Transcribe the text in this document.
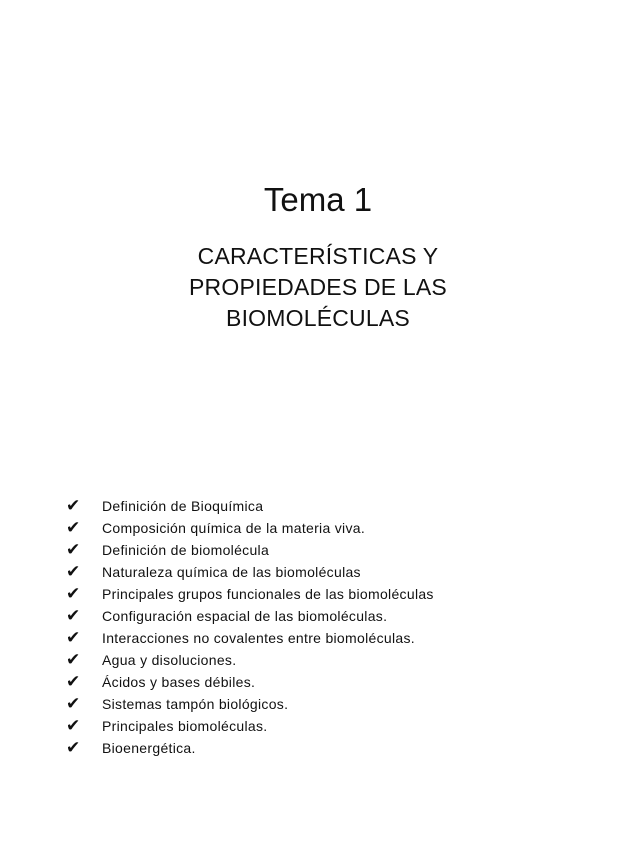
Tema 1
CARACTERÍSTICAS Y
PROPIEDADES DE LAS
BIOMOLÉCULAS
✔	Definición de Bioquímica
✔	Composición química de la materia viva.
✔	Definición de biomolécula
✔	Naturaleza química de las biomoléculas
✔	Principales grupos funcionales de las biomoléculas
✔	Configuración espacial de las biomoléculas.
✔	Interacciones no covalentes entre biomoléculas.
✔	Agua y disoluciones.
✔	Ácidos y bases débiles.
✔	Sistemas tampón biológicos.
✔	Principales biomoléculas.
✔	Bioenergética.
